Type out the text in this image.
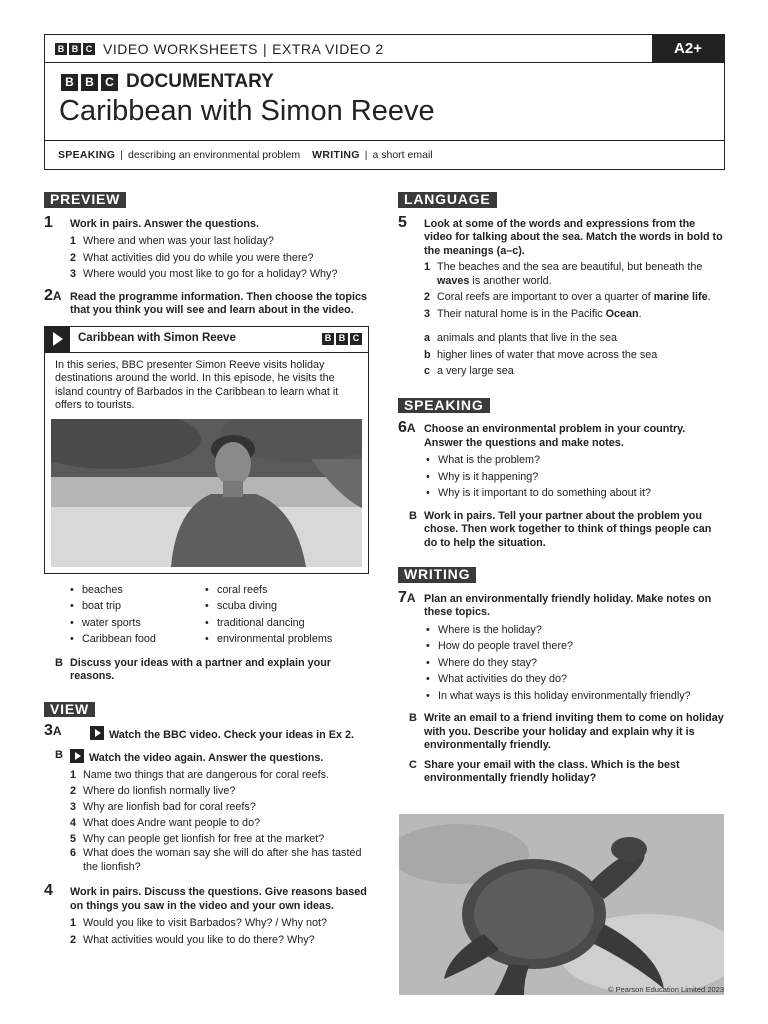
B B C VIDEO WORKSHEETS | EXTRA VIDEO 2	A2+
B B C DOCUMENTARY
Caribbean with Simon Reeve
SPEAKING | describing an environmental problem WRITING | a short email
PREVIEW
1 Work in pairs. Answer the questions.
1 Where and when was your last holiday?
2 What activities did you do while you were there?
3 Where would you most like to go for a holiday? Why?
2A Read the programme information. Then choose the topics that you think you will see and learn about in the video.
Caribbean with Simon Reeve	B B C
In this series, BBC presenter Simon Reeve visits holiday destinations around the world. In this episode, he visits the island country of Barbados in the Caribbean to learn what it offers to tourists.
• beaches	• coral reefs
• boat trip	• scuba diving
• water sports	• traditional dancing
• Caribbean food	• environmental problems
B Discuss your ideas with a partner and explain your reasons.
VIEW
3A	Watch the BBC video. Check your ideas in Ex 2.
B	Watch the video again. Answer the questions.
1 Name two things that are dangerous for coral reefs.
2 Where do lionfish normally live?
3 Why are lionfish bad for coral reefs?
4 What does Andre want people to do?
5 Why can people get lionfish for free at the market?
6 What does the woman say she will do after she has tasted the lionfish?
4 Work in pairs. Discuss the questions. Give reasons based on things you saw in the video and your own ideas.
1 Would you like to visit Barbados? Why? / Why not?
2 What activities would you like to do there? Why?
LANGUAGE
5 Look at some of the words and expressions from the video for talking about the sea. Match the words in bold to the meanings (a–c).
1 The beaches and the sea are beautiful, but beneath the waves is another world.
2 Coral reefs are important to over a quarter of marine life.
3 Their natural home is in the Pacific Ocean.
a animals and plants that live in the sea
b higher lines of water that move across the sea
c a very large sea
SPEAKING
6A Choose an environmental problem in your country. Answer the questions and make notes.
• What is the problem?
• Why is it happening?
• Why is it important to do something about it?
B Work in pairs. Tell your partner about the problem you chose. Then work together to think of things people can do to help the situation.
WRITING
7A Plan an environmentally friendly holiday. Make notes on these topics.
• Where is the holiday?
• How do people travel there?
• Where do they stay?
• What activities do they do?
• In what ways is this holiday environmentally friendly?
B Write an email to a friend inviting them to come on holiday with you. Describe your holiday and explain why it is environmentally friendly.
C Share your email with the class. Which is the best environmentally friendly holiday?
© Pearson Education Limited 2023
